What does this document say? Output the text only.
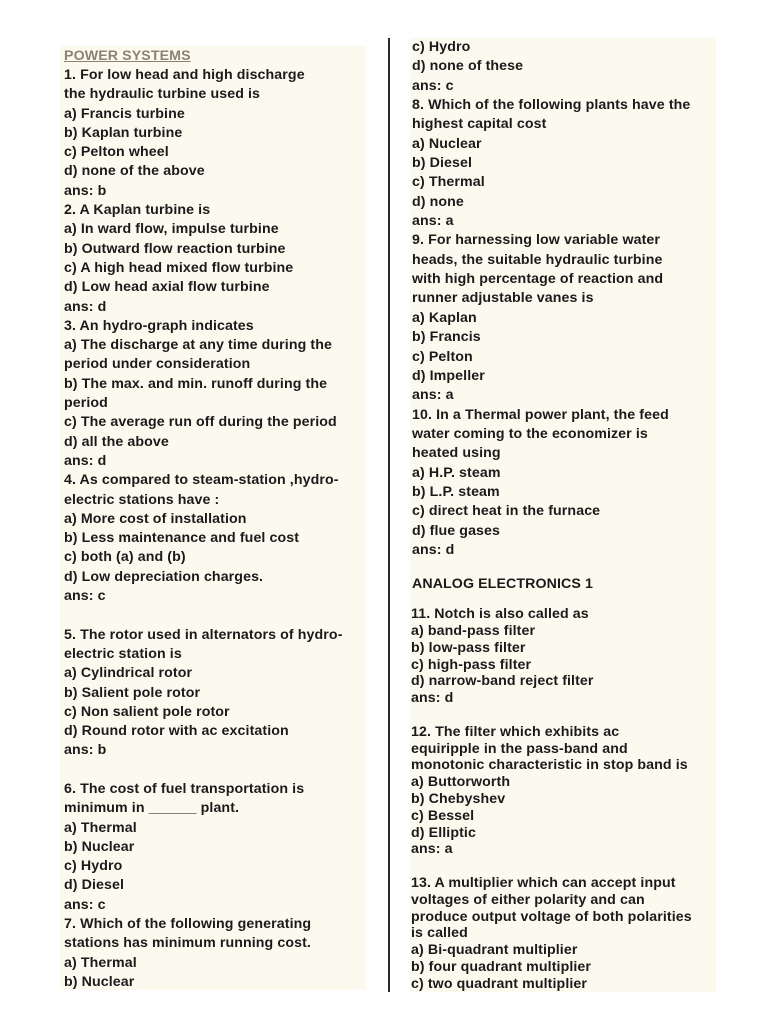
POWER SYSTEMS
1. For low head and high discharge
the hydraulic turbine used is
a) Francis turbine
b) Kaplan turbine
c) Pelton wheel
d) none of the above
ans: b
2. A Kaplan turbine is
a) In ward flow, impulse turbine
b) Outward flow reaction turbine
c) A high head mixed flow turbine
d) Low head axial flow turbine
ans: d
3. An hydro-graph indicates
a) The discharge at any time during the
period under consideration
b) The max. and min. runoff during the
period
c) The average run off during the period
d) all the above
ans: d
4. As compared to steam-station ,hydro-
electric stations have :
a) More cost of installation
b) Less maintenance and fuel cost
c) both (a) and (b)
d) Low depreciation charges.
ans: c
5. The rotor used in alternators of hydro-
electric station is
a) Cylindrical rotor
b) Salient pole rotor
c) Non salient pole rotor
d) Round rotor with ac excitation
ans: b
6. The cost of fuel transportation is
minimum in ______ plant.
a) Thermal
b) Nuclear
c) Hydro
d) Diesel
ans: c
7. Which of the following generating
stations has minimum running cost.
a) Thermal
b) Nuclear
c) Hydro
d) none of these
ans: c
8. Which of the following plants have the
highest capital cost
a) Nuclear
b) Diesel
c) Thermal
d) none
ans: a
9. For harnessing low variable water
heads, the suitable hydraulic turbine
with high percentage of reaction and
runner adjustable vanes is
a) Kaplan
b) Francis
c) Pelton
d) Impeller
ans: a
10. In a Thermal power plant, the feed
water coming to the economizer is
heated using
a) H.P. steam
b) L.P. steam
c) direct heat in the furnace
d) flue gases
ans: d
ANALOG ELECTRONICS 1
11. Notch is also called as
a) band-pass filter
b) low-pass filter
c) high-pass filter
d) narrow-band reject filter
ans: d
12. The filter which exhibits ac
equiripple in the pass-band and
monotonic characteristic in stop band is
a) Buttorworth
b) Chebyshev
c) Bessel
d) Elliptic
ans: a
13. A multiplier which can accept input
voltages of either polarity and can
produce output voltage of both polarities
is called
a) Bi-quadrant multiplier
b) four quadrant multiplier
c) two quadrant multiplier
